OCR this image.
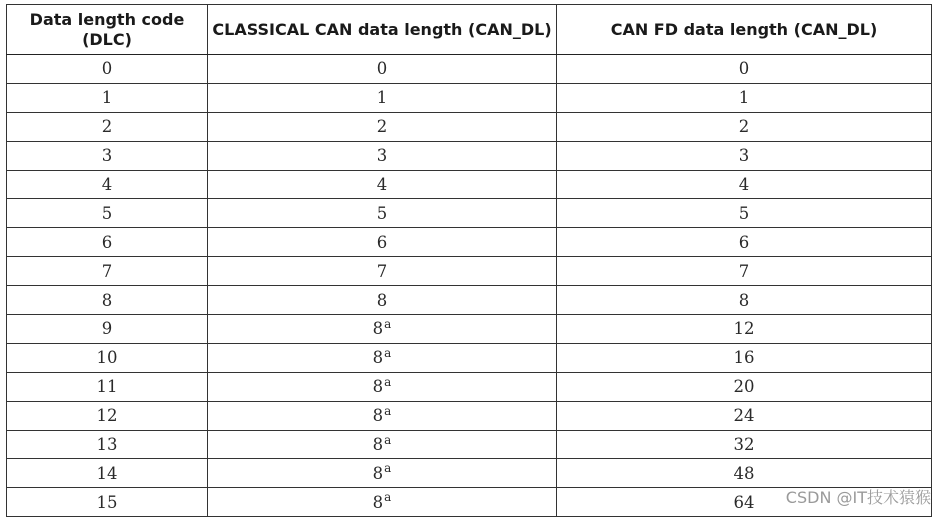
Data length code (DLC)	CLASSICAL CAN data length (CAN_DL)	CAN FD data length (CAN_DL)
0	0	0
1	1	1
2	2	2
3	3	3
4	4	4
5	5	5
6	6	6
7	7	7
8	8	8
9	8$^a$	12
10	8$^a$	16
11	8$^a$	20
12	8$^a$	24
13	8$^a$	32
14	8$^a$	48
15	8$^a$	64 CSDN @IT技术猿猴
